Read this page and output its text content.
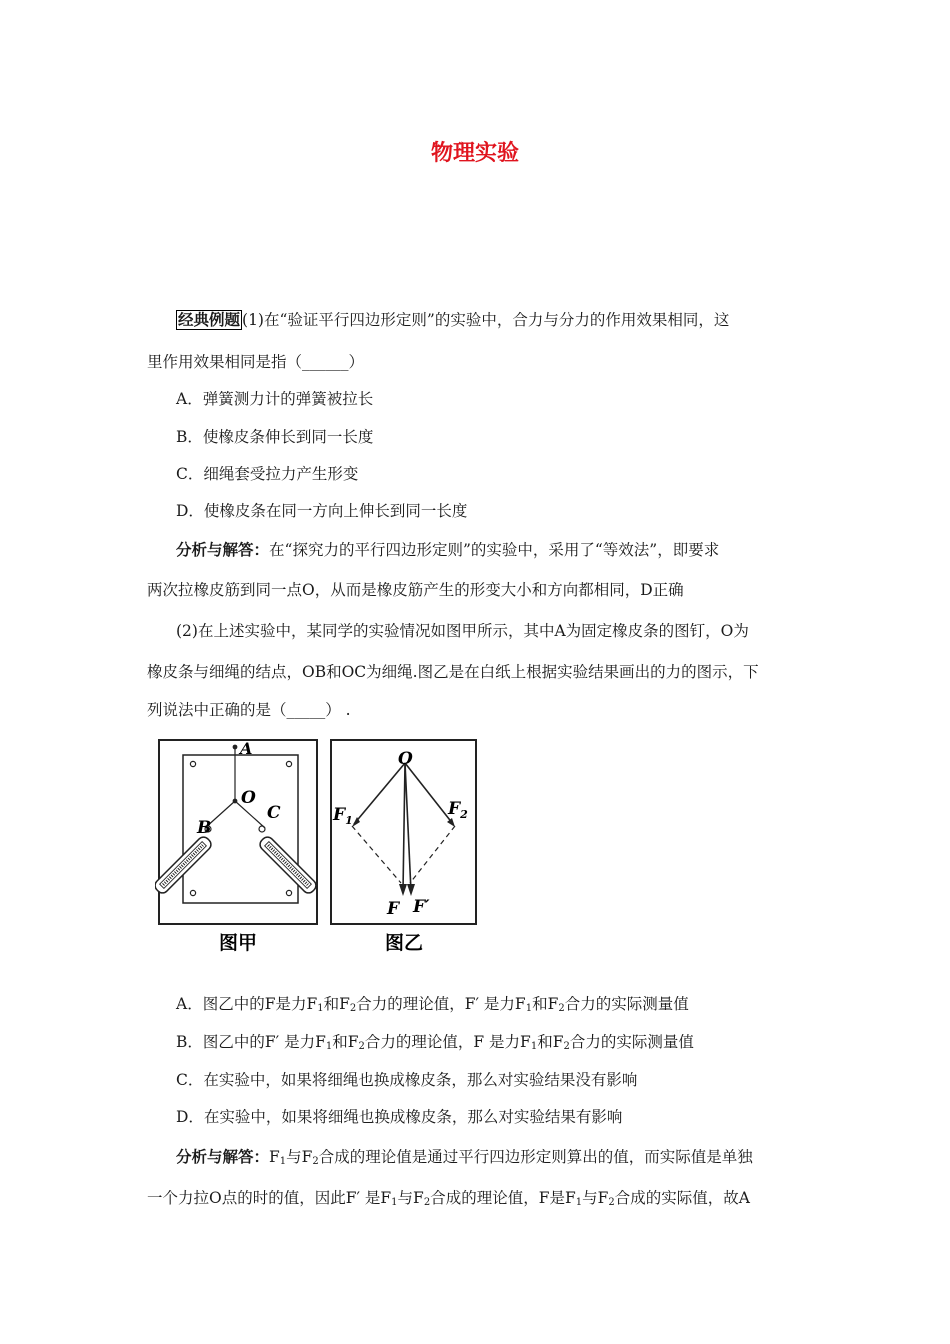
物理实验
经典例题 (1)在“验证平行四边形定则”的实验中，合力与分力的作用效果相同，这
里作用效果相同是指（______）
A．弹簧测力计的弹簧被拉长
B．使橡皮条伸长到同一长度
C．细绳套受拉力产生形变
D．使橡皮条在同一方向上伸长到同一长度
分析与解答：在“探究力的平行四边形定则”的实验中，采用了“等效法”，即要求
两次拉橡皮筋到同一点O，从而是橡皮筋产生的形变大小和方向都相同，D正确
(2)在上述实验中，某同学的实验情况如图甲所示，其中A为固定橡皮条的图钉，O为
橡皮条与细绳的结点，OB和OC为细绳.图乙是在白纸上根据实验结果画出的力的图示，下
列说法中正确的是（_____） .
A
O
B
C
图甲
O
$F_1$
$F_2$
F F′
图乙
A．图乙中的F是力$F_1$和$F_2$合力的理论值，F′ 是力$F_1$和$F_2$合力的实际测量值
B．图乙中的F′ 是力$F_1$和$F_2$合力的理论值，F 是力$F_1$和$F_2$合力的实际测量值
C．在实验中，如果将细绳也换成橡皮条，那么对实验结果没有影响
D．在实验中，如果将细绳也换成橡皮条，那么对实验结果有影响
分析与解答：$F_1$与$F_2$合成的理论值是通过平行四边形定则算出的值，而实际值是单独
一个力拉O点的时的值，因此F′ 是$F_1$与$F_2$合成的理论值，F是$F_1$与$F_2$合成的实际值，故A
